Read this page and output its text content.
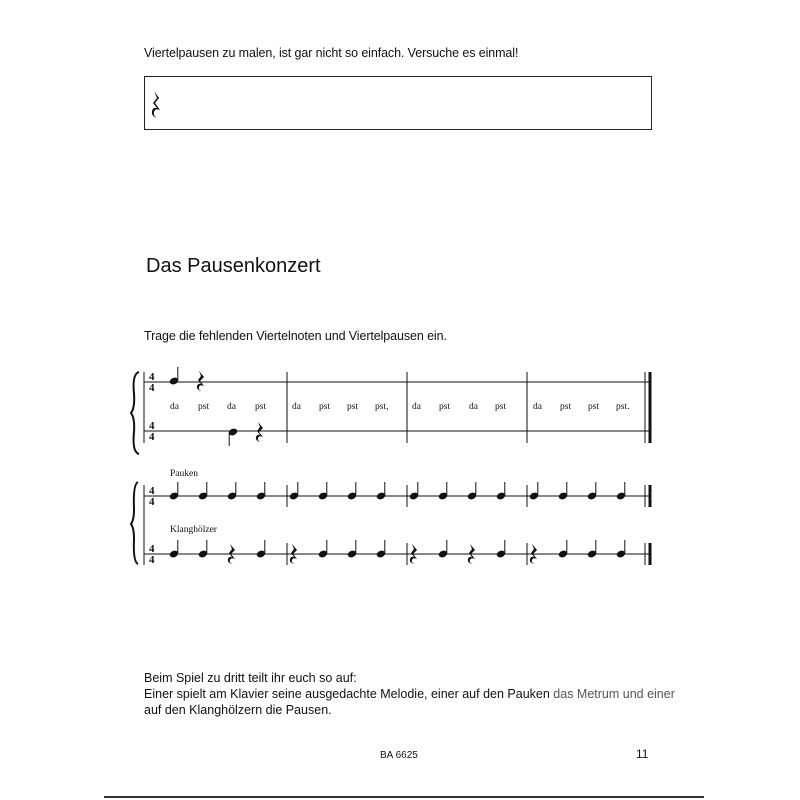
Viertelpausen zu malen, ist gar nicht so einfach. Versuche es einmal!
Das Pausenkonzert
Trage die fehlenden Viertelnoten und Viertelpausen ein.
4
4
4
4
4
4
4
4
da pst da pst	da pst pst pst, da pst da pst	da pst pst pst.
Pauken
Klanghölzer
Beim Spiel zu dritt teilt ihr euch so auf:
Einer spielt am Klavier seine ausgedachte Melodie, einer auf den Pauken das Metrum und einer
auf den Klanghölzern die Pausen.
BA 6625	11
